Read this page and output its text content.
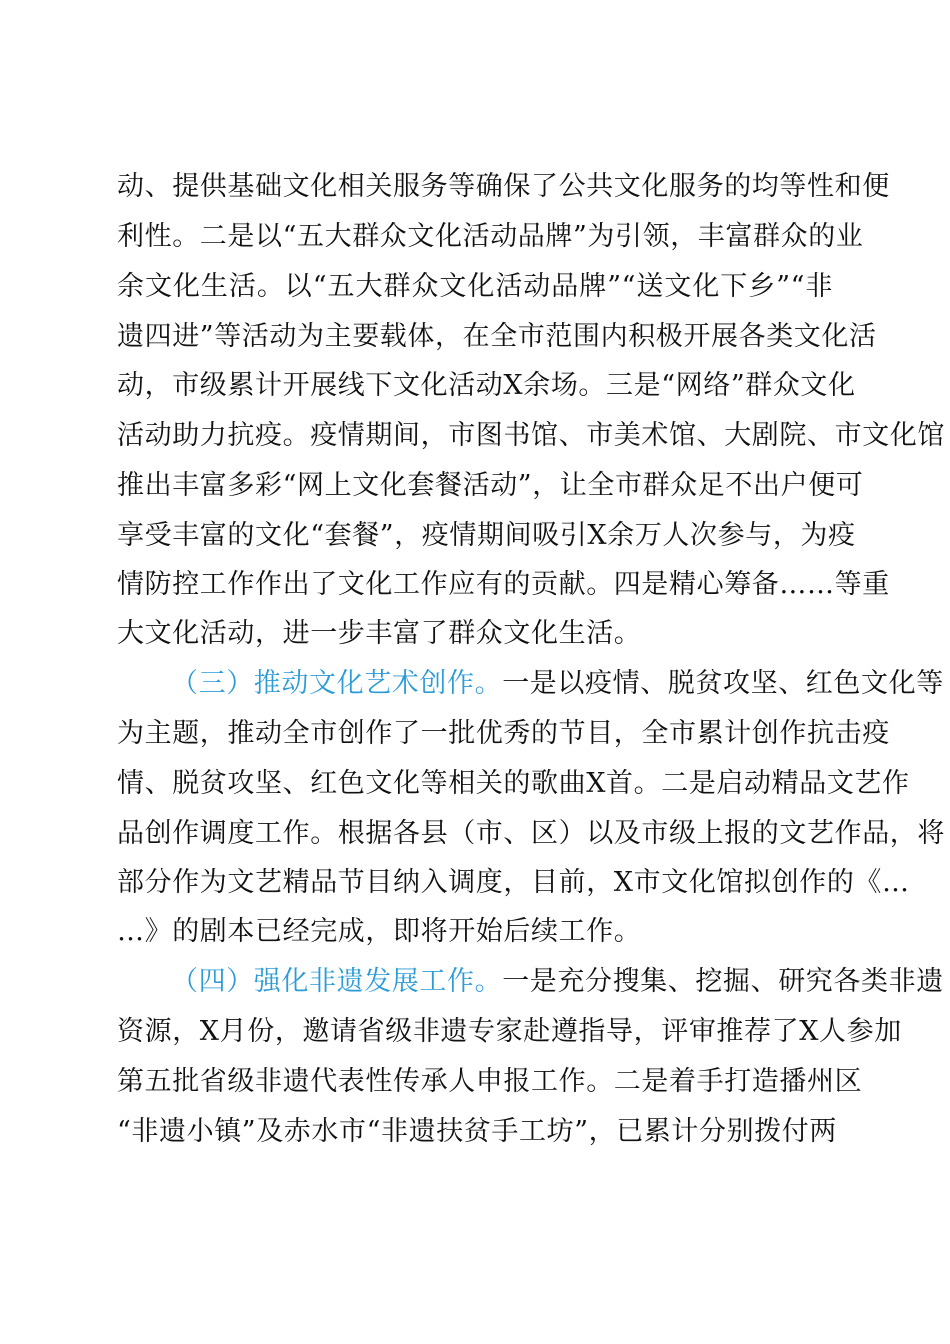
动、提供基础文化相关服务等确保了公共文化服务的均等性和便
利性。二是以“五大群众文化活动品牌”为引领，丰富群众的业
余文化生活。以“五大群众文化活动品牌”“送文化下乡”“非
遗四进”等活动为主要载体，在全市范围内积极开展各类文化活
动，市级累计开展线下文化活动X余场。三是“网络”群众文化
活动助力抗疫。疫情期间，市图书馆、市美术馆、大剧院、市文化馆
推出丰富多彩“网上文化套餐活动”，让全市群众足不出户便可
享受丰富的文化“套餐”，疫情期间吸引X余万人次参与，为疫
情防控工作作出了文化工作应有的贡献。四是精心筹备……等重
大文化活动，进一步丰富了群众文化生活。
（三）推动文化艺术创作。一是以疫情、脱贫攻坚、红色文化等
为主题，推动全市创作了一批优秀的节目，全市累计创作抗击疫
情、脱贫攻坚、红色文化等相关的歌曲X首。二是启动精品文艺作
品创作调度工作。根据各县（市、区）以及市级上报的文艺作品，将
部分作为文艺精品节目纳入调度，目前，X市文化馆拟创作的《…
…》的剧本已经完成，即将开始后续工作。
（四）强化非遗发展工作。一是充分搜集、挖掘、研究各类非遗
资源，X月份，邀请省级非遗专家赴遵指导，评审推荐了X人参加
第五批省级非遗代表性传承人申报工作。二是着手打造播州区
“非遗小镇”及赤水市“非遗扶贫手工坊”，已累计分别拨付两
